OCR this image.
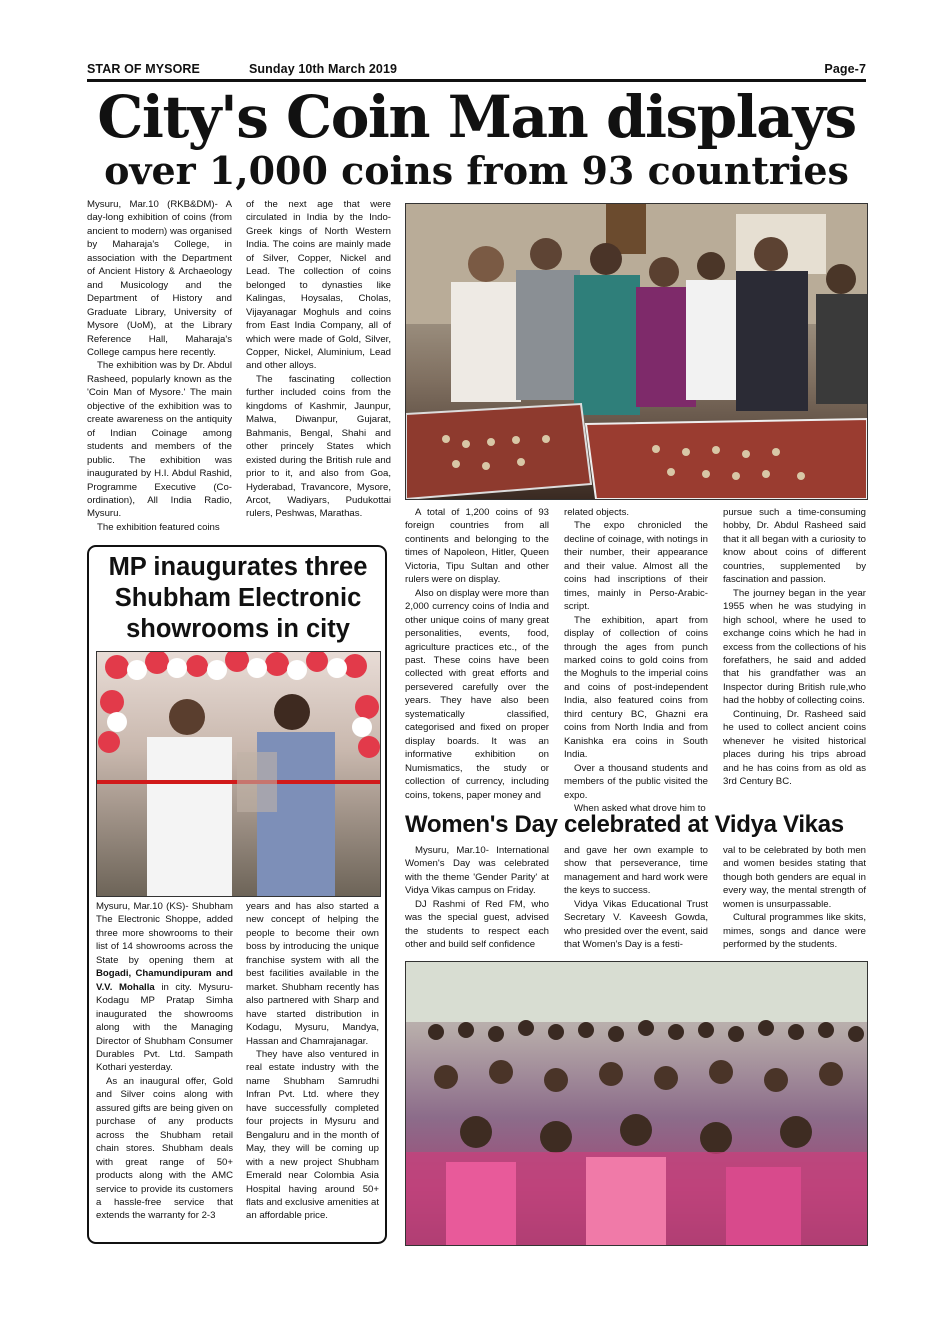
STAR OF MYSORE	Sunday 10th March 2019	Page-7
City's Coin Man displays
over 1,000 coins from 93 countries

Mysuru, Mar.10 (RKB&DM)- A day-long exhibition of coins (from ancient to modern) was organised by Maharaja's College, in association with the Department of Ancient History & Archaeology and Musicology and the Department of History and Graduate Library, University of Mysore (UoM), at the Library Reference Hall, Maharaja's College campus here recently.

The exhibition was by Dr. Abdul Rasheed, popularly known as the 'Coin Man of Mysore.' The main objective of the exhibition was to create awareness on the antiquity of Indian Coinage among students and members of the public. The exhibition was inaugurated by H.I. Abdul Rashid, Programme Executive (Co-ordination), All India Radio, Mysuru.

The exhibition featured coins

of the next age that were circulated in India by the Indo-Greek kings of North Western India. The coins are mainly made of Silver, Copper, Nickel and Lead. The collection of coins belonged to dynasties like Kalingas, Hoysalas, Cholas, Vijayanagar Moghuls and coins from East India Company, all of which were made of Gold, Silver, Copper, Nickel, Aluminium, Lead and other alloys.

The fascinating collection further included coins from the kingdoms of Kashmir, Jaunpur, Malwa, Diwanpur, Gujarat, Bahmanis, Bengal, Shahi and other princely States which existed during the British rule and prior to it, and also from Goa, Hyderabad, Travancore, Mysore, Arcot, Wadiyars, Pudukottai rulers, Peshwas, Marathas.	A total of 1,200 coins of 93 foreign countries from all continents and belonging to the times of Napoleon, Hitler, Queen Victoria, Tipu Sultan and other rulers were on display.

Also on display were more than 2,000 currency coins of India and other unique coins of many great personalities, events, food, agriculture practices etc., of the past. These coins have been collected with great efforts and persevered carefully over the years. They have also been systematically classified, categorised and fixed on proper display boards. It was an informative exhibition on Numismatics, the study or collection of currency, including coins, tokens, paper money and

related objects.

The expo chronicled the decline of coinage, with notings in their number, their appearance and their value. Almost all the coins had inscriptions of their times, mainly in Perso-Arabic-script.

The exhibition, apart from display of collection of coins through the ages from punch marked coins to gold coins from the Moghuls to the imperial coins and coins of post-independent India, also featured coins from third century BC, Ghazni era coins from North India and from Kanishka era coins in South India.

Over a thousand students and members of the public visited the expo.

When asked what drove him to

pursue such a time-consuming hobby, Dr. Abdul Rasheed said that it all began with a curiosity to know about coins of different countries, supplemented by fascination and passion.

The journey began in the year 1955 when he was studying in high school, where he used to exchange coins which he had in excess from the collections of his forefathers, he said and added that his grandfather was an Inspector during British rule,who had the hobby of collecting coins.

Continuing, Dr. Rasheed said he used to collect ancient coins whenever he visited historical places during his trips abroad and he has coins from as old as 3rd Century BC.

MP inaugurates three Shubham Electronic showrooms in city

Mysuru, Mar.10 (KS)- Shubham The Electronic Shoppe, added three more showrooms to their list of 14 showrooms across the State by opening them at Bogadi, Chamundipuram and V.V. Mohalla in city. Mysuru-Kodagu MP Pratap Simha inaugurated the showrooms along with the Managing Director of Shubham Consumer Durables Pvt. Ltd. Sampath Kothari yesterday.

As an inaugural offer, Gold and Silver coins along with assured gifts are being given on purchase of any products across the Shubham retail chain stores. Shubham deals with great range of 50+ products along with the AMC service to provide its customers a hassle-free service that extends the warranty for 2-3

years and has also started a new concept of helping the people to become their own boss by introducing the unique franchise system with all the best facilities available in the market. Shubham recently has also partnered with Sharp and have started distribution in Kodagu, Mysuru, Mandya, Hassan and Chamrajanagar.

They have also ventured in real estate industry with the name Shubham Samrudhi Infran Pvt. Ltd. where they have successfully completed four projects in Mysuru and Bengaluru and in the month of May, they will be coming up with a new project Shubham Emerald near Colombia Asia Hospital having around 50+ flats and exclusive amenities at an affordable price.

Women's Day celebrated at Vidya Vikas

Mysuru, Mar.10- International Women's Day was celebrated with the theme 'Gender Parity' at Vidya Vikas campus on Friday.

DJ Rashmi of Red FM, who was the special guest, advised the students to respect each other and build self confidence

and gave her own example to show that perseverance, time management and hard work were the keys to success.

Vidya Vikas Educational Trust Secretary V. Kaveesh Gowda, who presided over the event, said that Women's Day is a festi-

val to be celebrated by both men and women besides stating that though both genders are equal in every way, the mental strength of women is unsurpassable.

Cultural programmes like skits, mimes, songs and dance were performed by the students.
